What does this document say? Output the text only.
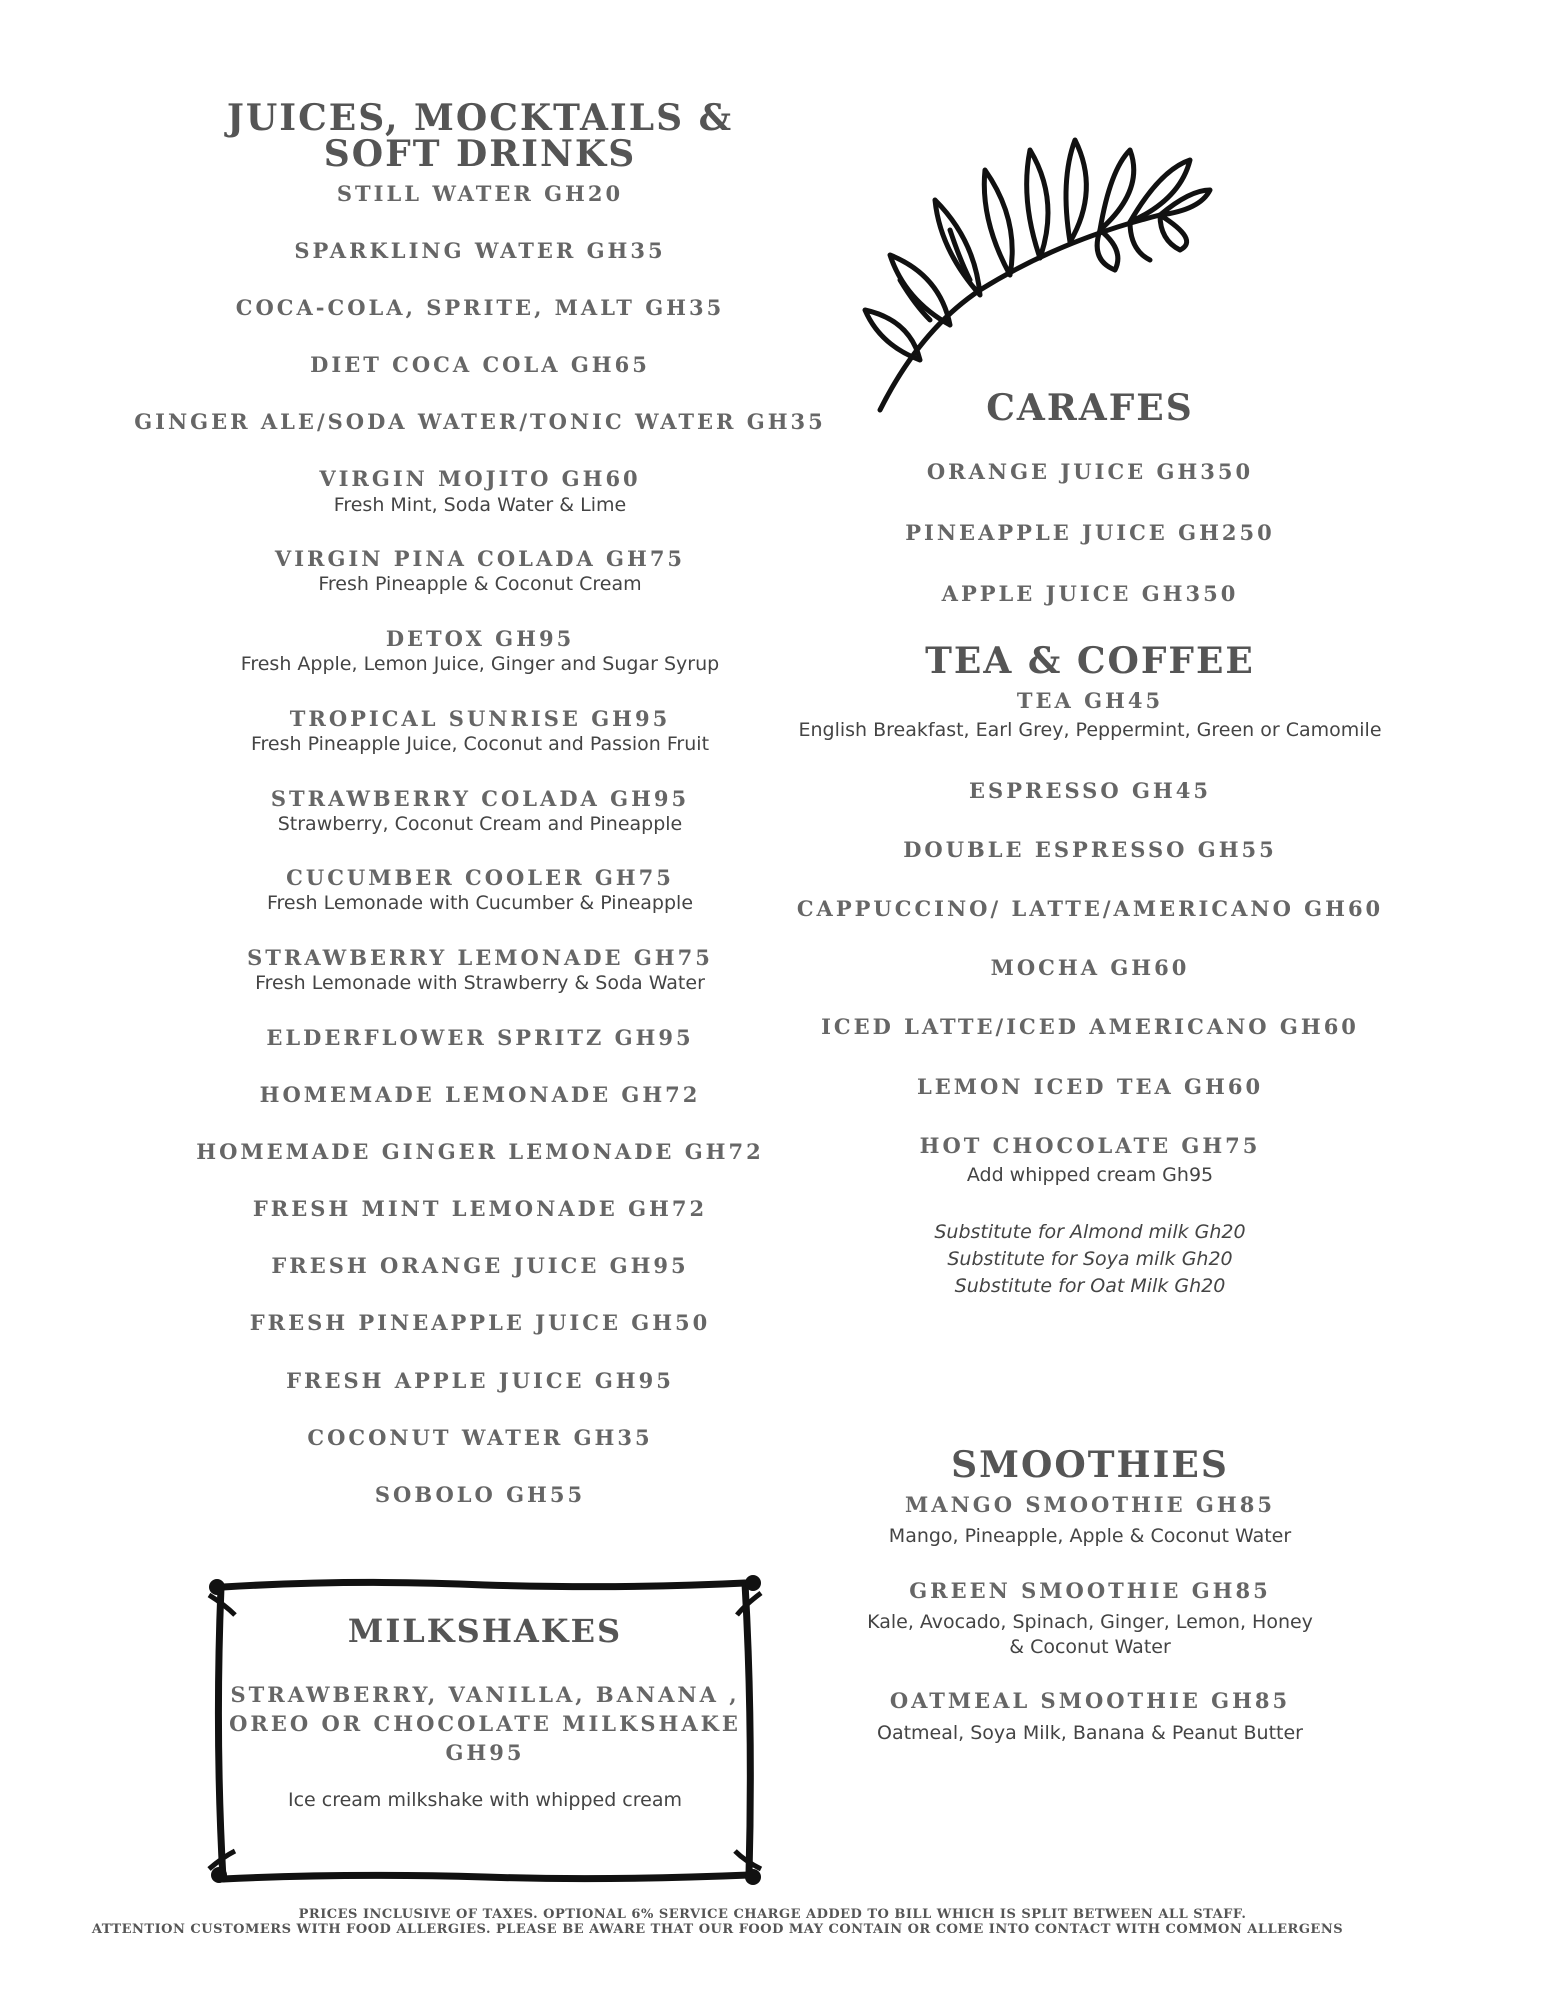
JUICES, MOCKTAILS &
SOFT DRINKS
STILL WATER GH20
SPARKLING WATER GH35
COCA-COLA, SPRITE, MALT GH35
DIET COCA COLA GH65
GINGER ALE/SODA WATER/TONIC WATER GH35
VIRGIN MOJITO GH60
Fresh Mint, Soda Water & Lime
VIRGIN PINA COLADA GH75
Fresh Pineapple & Coconut Cream
DETOX GH95
Fresh Apple, Lemon Juice, Ginger and Sugar Syrup
TROPICAL SUNRISE GH95
Fresh Pineapple Juice, Coconut and Passion Fruit
STRAWBERRY COLADA GH95
Strawberry, Coconut Cream and Pineapple
CUCUMBER COOLER GH75
Fresh Lemonade with Cucumber & Pineapple
STRAWBERRY LEMONADE GH75
Fresh Lemonade with Strawberry & Soda Water
ELDERFLOWER SPRITZ GH95
HOMEMADE LEMONADE GH72
HOMEMADE GINGER LEMONADE GH72
FRESH MINT LEMONADE GH72
FRESH ORANGE JUICE GH95
FRESH PINEAPPLE JUICE GH50
FRESH APPLE JUICE GH95
COCONUT WATER GH35
SOBOLO GH55
MILKSHAKES
STRAWBERRY, VANILLA, BANANA ,
OREO OR CHOCOLATE MILKSHAKE
GH95
Ice cream milkshake with whipped cream
CARAFES
ORANGE JUICE GH350
PINEAPPLE JUICE GH250
APPLE JUICE GH350
TEA & COFFEE
TEA GH45
English Breakfast, Earl Grey, Peppermint, Green or Camomile
ESPRESSO GH45
DOUBLE ESPRESSO GH55
CAPPUCCINO/ LATTE/AMERICANO GH60
MOCHA GH60
ICED LATTE/ICED AMERICANO GH60
LEMON ICED TEA GH60
HOT CHOCOLATE GH75
Add whipped cream Gh95
Substitute for Almond milk Gh20
Substitute for Soya milk Gh20
Substitute for Oat Milk Gh20
SMOOTHIES
MANGO SMOOTHIE GH85
Mango, Pineapple, Apple & Coconut Water
GREEN SMOOTHIE GH85
Kale, Avocado, Spinach, Ginger, Lemon, Honey
& Coconut Water
OATMEAL SMOOTHIE GH85
Oatmeal, Soya Milk, Banana & Peanut Butter
PRICES INCLUSIVE OF TAXES. OPTIONAL 6% SERVICE CHARGE ADDED TO BILL WHICH IS SPLIT BETWEEN ALL STAFF.
ATTENTION CUSTOMERS WITH FOOD ALLERGIES. PLEASE BE AWARE THAT OUR FOOD MAY CONTAIN OR COME INTO CONTACT WITH COMMON ALLERGENS
